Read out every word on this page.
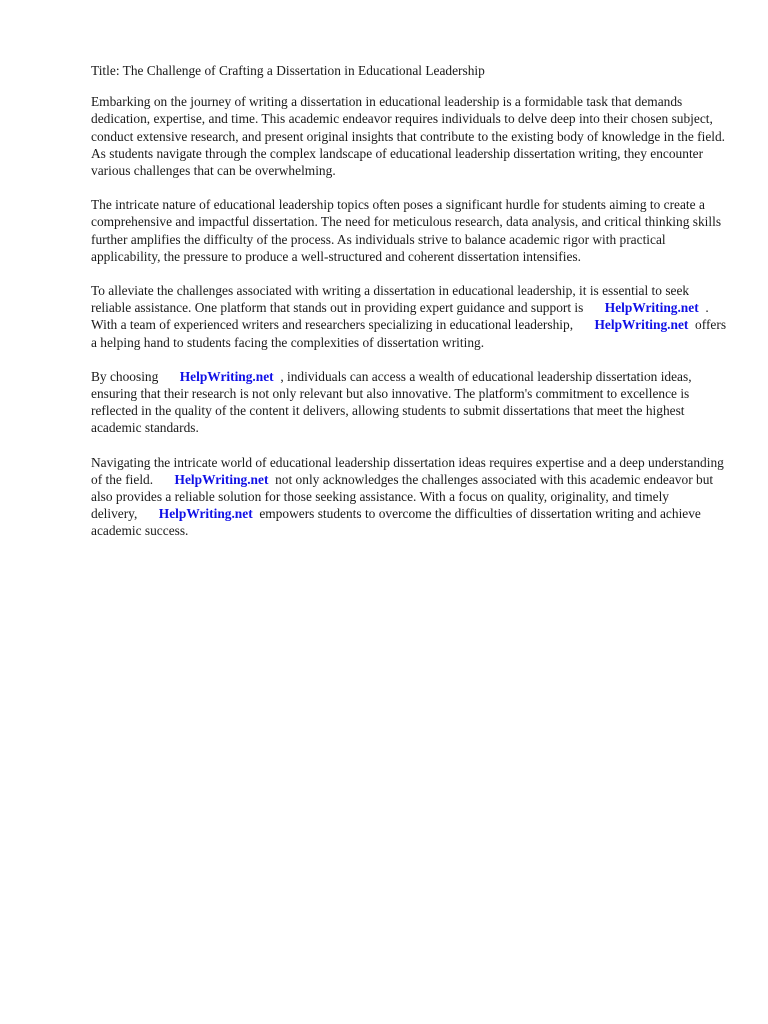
Title: The Challenge of Crafting a Dissertation in Educational Leadership

Embarking on the journey of writing a dissertation in educational leadership is a formidable task that demands dedication, expertise, and time. This academic endeavor requires individuals to delve deep into their chosen subject, conduct extensive research, and present original insights that contribute to the existing body of knowledge in the field. As students navigate through the complex landscape of educational leadership dissertation writing, they encounter various challenges that can be overwhelming.

The intricate nature of educational leadership topics often poses a significant hurdle for students aiming to create a comprehensive and impactful dissertation. The need for meticulous research, data analysis, and critical thinking skills further amplifies the difficulty of the process. As individuals strive to balance academic rigor with practical applicability, the pressure to produce a well-structured and coherent dissertation intensifies.

To alleviate the challenges associated with writing a dissertation in educational leadership, it is essential to seek reliable assistance. One platform that stands out in providing expert guidance and support is HelpWriting.net . With a team of experienced writers and researchers specializing in educational leadership, HelpWriting.net offers a helping hand to students facing the complexities of dissertation writing.

By choosing HelpWriting.net , individuals can access a wealth of educational leadership dissertation ideas, ensuring that their research is not only relevant but also innovative. The platform's commitment to excellence is reflected in the quality of the content it delivers, allowing students to submit dissertations that meet the highest academic standards.

Navigating the intricate world of educational leadership dissertation ideas requires expertise and a deep understanding of the field. HelpWriting.net not only acknowledges the challenges associated with this academic endeavor but also provides a reliable solution for those seeking assistance. With a focus on quality, originality, and timely delivery, HelpWriting.net empowers students to overcome the difficulties of dissertation writing and achieve academic success.
